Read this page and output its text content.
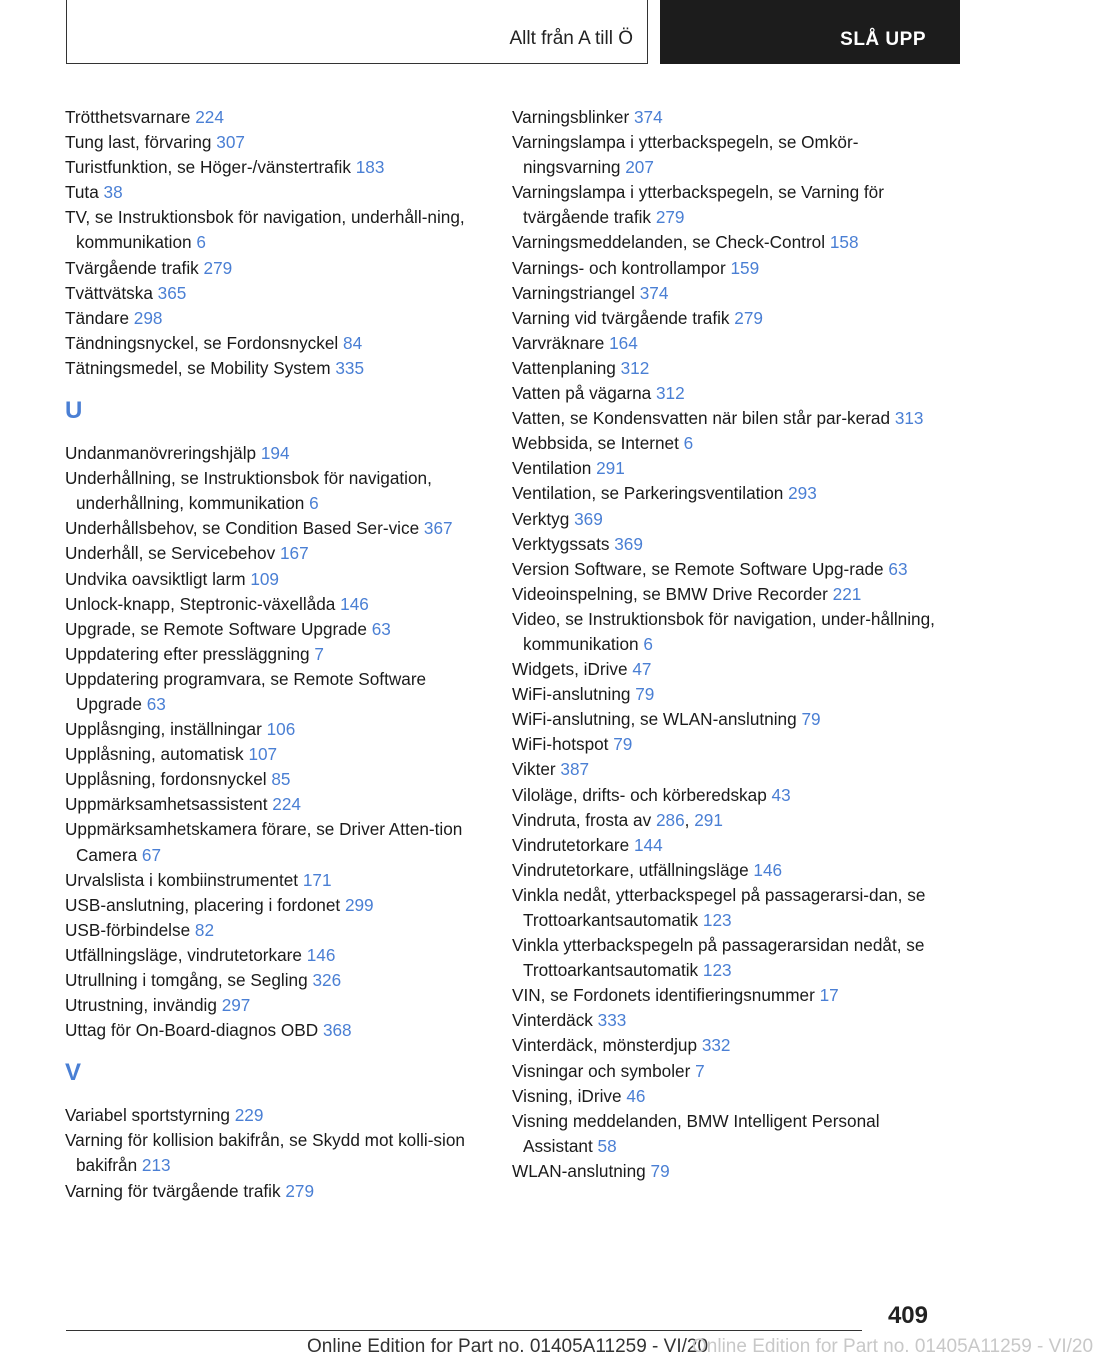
Allt från A till Ö	SLÅ UPP

Trötthetsvarnare 224

Tung last, förvaring 307

Turistfunktion, se Höger-/vänstertrafik 183

Tuta 38

TV, se Instruktionsbok för navigation, underhåll‐ning, kommunikation 6

Tvärgående trafik 279

Tvättvätska 365

Tändare 298

Tändningsnyckel, se Fordonsnyckel 84

Tätningsmedel, se Mobility System 335

U

Undanmanövreringshjälp 194

Underhållning, se Instruktionsbok för navigation, underhållning, kommunikation 6

Underhållsbehov, se Condition Based Ser‐vice 367

Underhåll, se Servicebehov 167

Undvika oavsiktligt larm 109

Unlock-knapp, Steptronic-växellåda 146

Upgrade, se Remote Software Upgrade 63

Uppdatering efter pressläggning 7

Uppdatering programvara, se Remote Software Upgrade 63

Upplåsnging, inställningar 106

Upplåsning, automatisk 107

Upplåsning, fordonsnyckel 85

Uppmärksamhetsassistent 224

Uppmärksamhetskamera förare, se Driver Atten‐tion Camera 67

Urvalslista i kombiinstrumentet 171

USB-anslutning, placering i fordonet 299

USB-förbindelse 82

Utfällningsläge, vindrutetorkare 146

Utrullning i tomgång, se Segling 326

Utrustning, invändig 297

Uttag för On-Board-diagnos OBD 368

V

Variabel sportstyrning 229

Varning för kollision bakifrån, se Skydd mot kolli‐sion bakifrån 213

Varning för tvärgående trafik 279

Varningsblinker 374

Varningslampa i ytterbackspegeln, se Omkör‐ningsvarning 207

Varningslampa i ytterbackspegeln, se Varning för tvärgående trafik 279

Varningsmeddelanden, se Check-Control 158

Varnings- och kontrollampor 159

Varningstriangel 374

Varning vid tvärgående trafik 279

Varvräknare 164

Vattenplaning 312

Vatten på vägarna 312

Vatten, se Kondensvatten när bilen står par‐kerad 313

Webbsida, se Internet 6

Ventilation 291

Ventilation, se Parkeringsventilation 293

Verktyg 369

Verktygssats 369

Version Software, se Remote Software Upg‐rade 63

Videoinspelning, se BMW Drive Recorder 221

Video, se Instruktionsbok för navigation, under‐hållning, kommunikation 6

Widgets, iDrive 47

WiFi-anslutning 79

WiFi-anslutning, se WLAN-anslutning 79

WiFi-hotspot 79

Vikter 387

Viloläge, drifts- och körberedskap 43

Vindruta, frosta av 286, 291

Vindrutetorkare 144

Vindrutetorkare, utfällningsläge 146

Vinkla nedåt, ytterbackspegel på passagerarsi‐dan, se Trottoarkantsautomatik 123

Vinkla ytterbackspegeln på passagerarsidan nedåt, se Trottoarkantsautomatik 123

VIN, se Fordonets identifieringsnummer 17

Vinterdäck 333

Vinterdäck, mönsterdjup 332

Visningar och symboler 7

Visning, iDrive 46

Visning meddelanden, BMW Intelligent Personal Assistant 58

WLAN-anslutning 79

409
Online Edition for Part no. 01405A11259 - VI/20
Online Edition for Part no. 01405A11259 - VI/20
